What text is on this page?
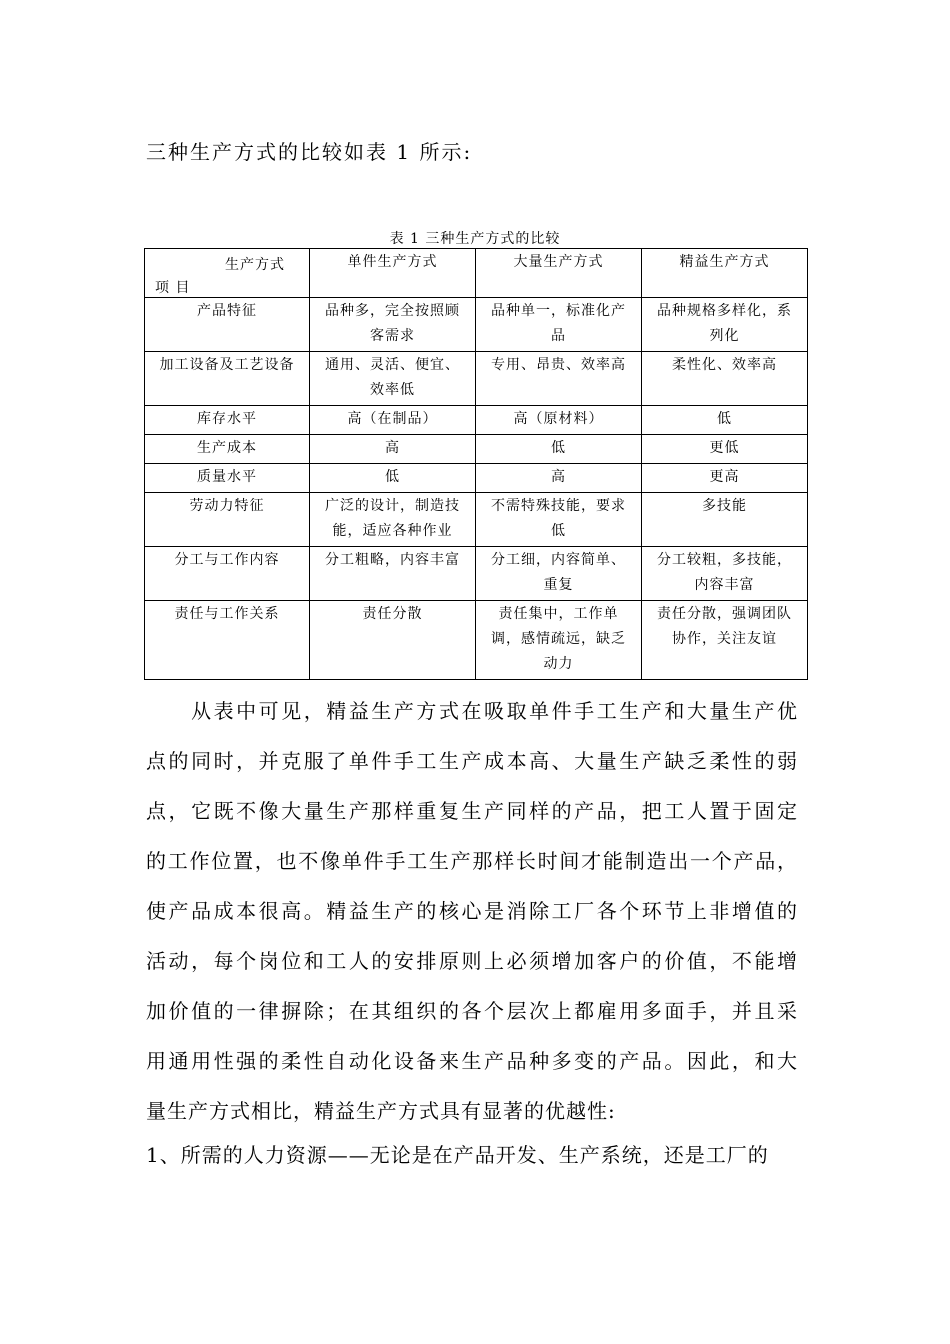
三种生产方式的比较如表 1 所示:
表 1 三种生产方式的比较
生产方式
项 目	单件生产方式	大量生产方式	精益生产方式
产品特征	品种多，完全按照顾客需求	品种单一，标准化产品	品种规格多样化，系列化
加工设备及工艺设备	通用、灵活、便宜、效率低	专用、昂贵、效率高	柔性化、效率高
库存水平	高（在制品）	高（原材料）	低
生产成本	高	低	更低
质量水平	低	高	更高
劳动力特征	广泛的设计，制造技能，适应各种作业	不需特殊技能，要求低	多技能
分工与工作内容	分工粗略，内容丰富	分工细，内容简单、重复	分工较粗，多技能，内容丰富
责任与工作关系	责任分散	责任集中，工作单调，感情疏远，缺乏动力	责任分散，强调团队协作，关注友谊

　　从表中可见，精益生产方式在吸取单件手工生产和大量生产优

点的同时，并克服了单件手工生产成本高、大量生产缺乏柔性的弱

点，它既不像大量生产那样重复生产同样的产品，把工人置于固定

的工作位置，也不像单件手工生产那样长时间才能制造出一个产品，

使产品成本很高。精益生产的核心是消除工厂各个环节上非增值的

活动，每个岗位和工人的安排原则上必须增加客户的价值，不能增

加价值的一律摒除；在其组织的各个层次上都雇用多面手，并且采

用通用性强的柔性自动化设备来生产品种多变的产品。因此，和大

量生产方式相比，精益生产方式具有显著的优越性:

1、所需的人力资源——无论是在产品开发、生产系统，还是工厂的
